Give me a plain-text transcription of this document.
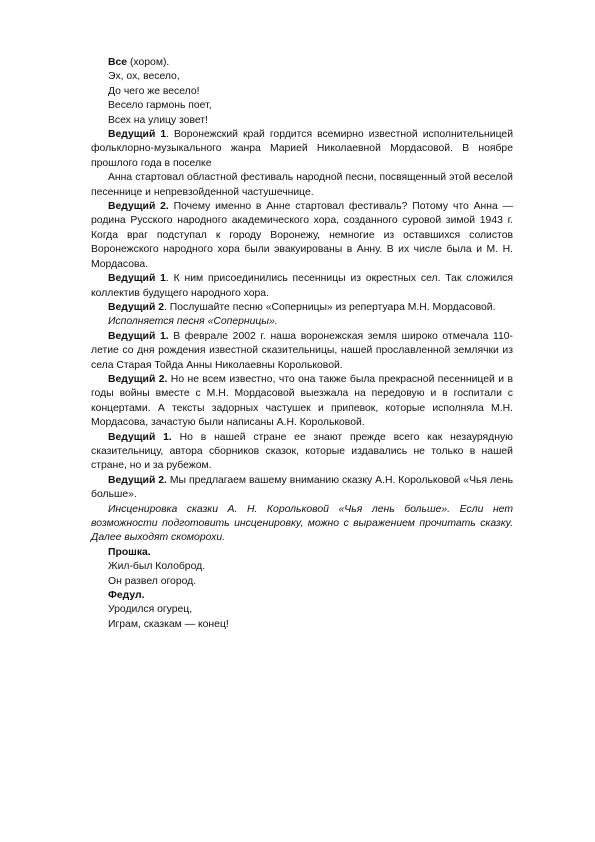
Все (хором).

Эх, ох, весело,

До чего же весело!

Весело гармонь поет,

Всех на улицу зовет!

Ведущий 1. Воронежский край гордится всемирно известной исполнительницей фольклорно-музыкального жанра Марией Николаевной Мордасовой. В ноябре прошлого года в поселке

Анна стартовал областной фестиваль народной песни, посвященный этой веселой песеннице и непревзойденной частушечнице.

Ведущий 2. Почему именно в Анне стартовал фестиваль? Потому что Анна — родина Русского народного академического хора, созданного суровой зимой 1943 г. Когда враг подступал к городу Воронежу, немногие из оставшихся солистов Воронежского народного хора были эвакуированы в Анну. В их числе была и М. Н. Мордасова.

Ведущий 1. К ним присоединились песенницы из окрестных сел. Так сложился коллектив будущего народного хора.

Ведущий 2. Послушайте песню «Соперницы» из репертуара М.Н. Мордасовой.

Исполняется песня «Соперницы».

Ведущий 1. В феврале 2002 г. наша воронежская земля широко отмечала 110-летие со дня рождения известной сказительницы, нашей прославленной землячки из села Старая Тойда Анны Николаевны Корольковой.

Ведущий 2. Но не всем известно, что она также была прекрасной песенницей и в годы войны вместе с М.Н. Мордасовой выезжала на передовую и в госпитали с концертами. А тексты задорных частушек и припевок, которые исполняла М.Н. Мордасова, зачастую были написаны А.Н. Корольковой.

Ведущий 1. Но в нашей стране ее знают прежде всего как незаурядную сказительницу, автора сборников сказок, которые издавались не только в нашей стране, но и за рубежом.

Ведущий 2. Мы предлагаем вашему вниманию сказку А.Н. Корольковой «Чья лень больше».

Инсценировка сказки А. Н. Корольковой «Чья лень больше». Если нет возможности подготовить инсценировку, можно с выражением прочитать сказку. Далее выходят скоморохи.

Прошка.

Жил-был Колоброд.

Он развел огород.

Федул.

Уродился огурец,

Играм, сказкам — конец!
